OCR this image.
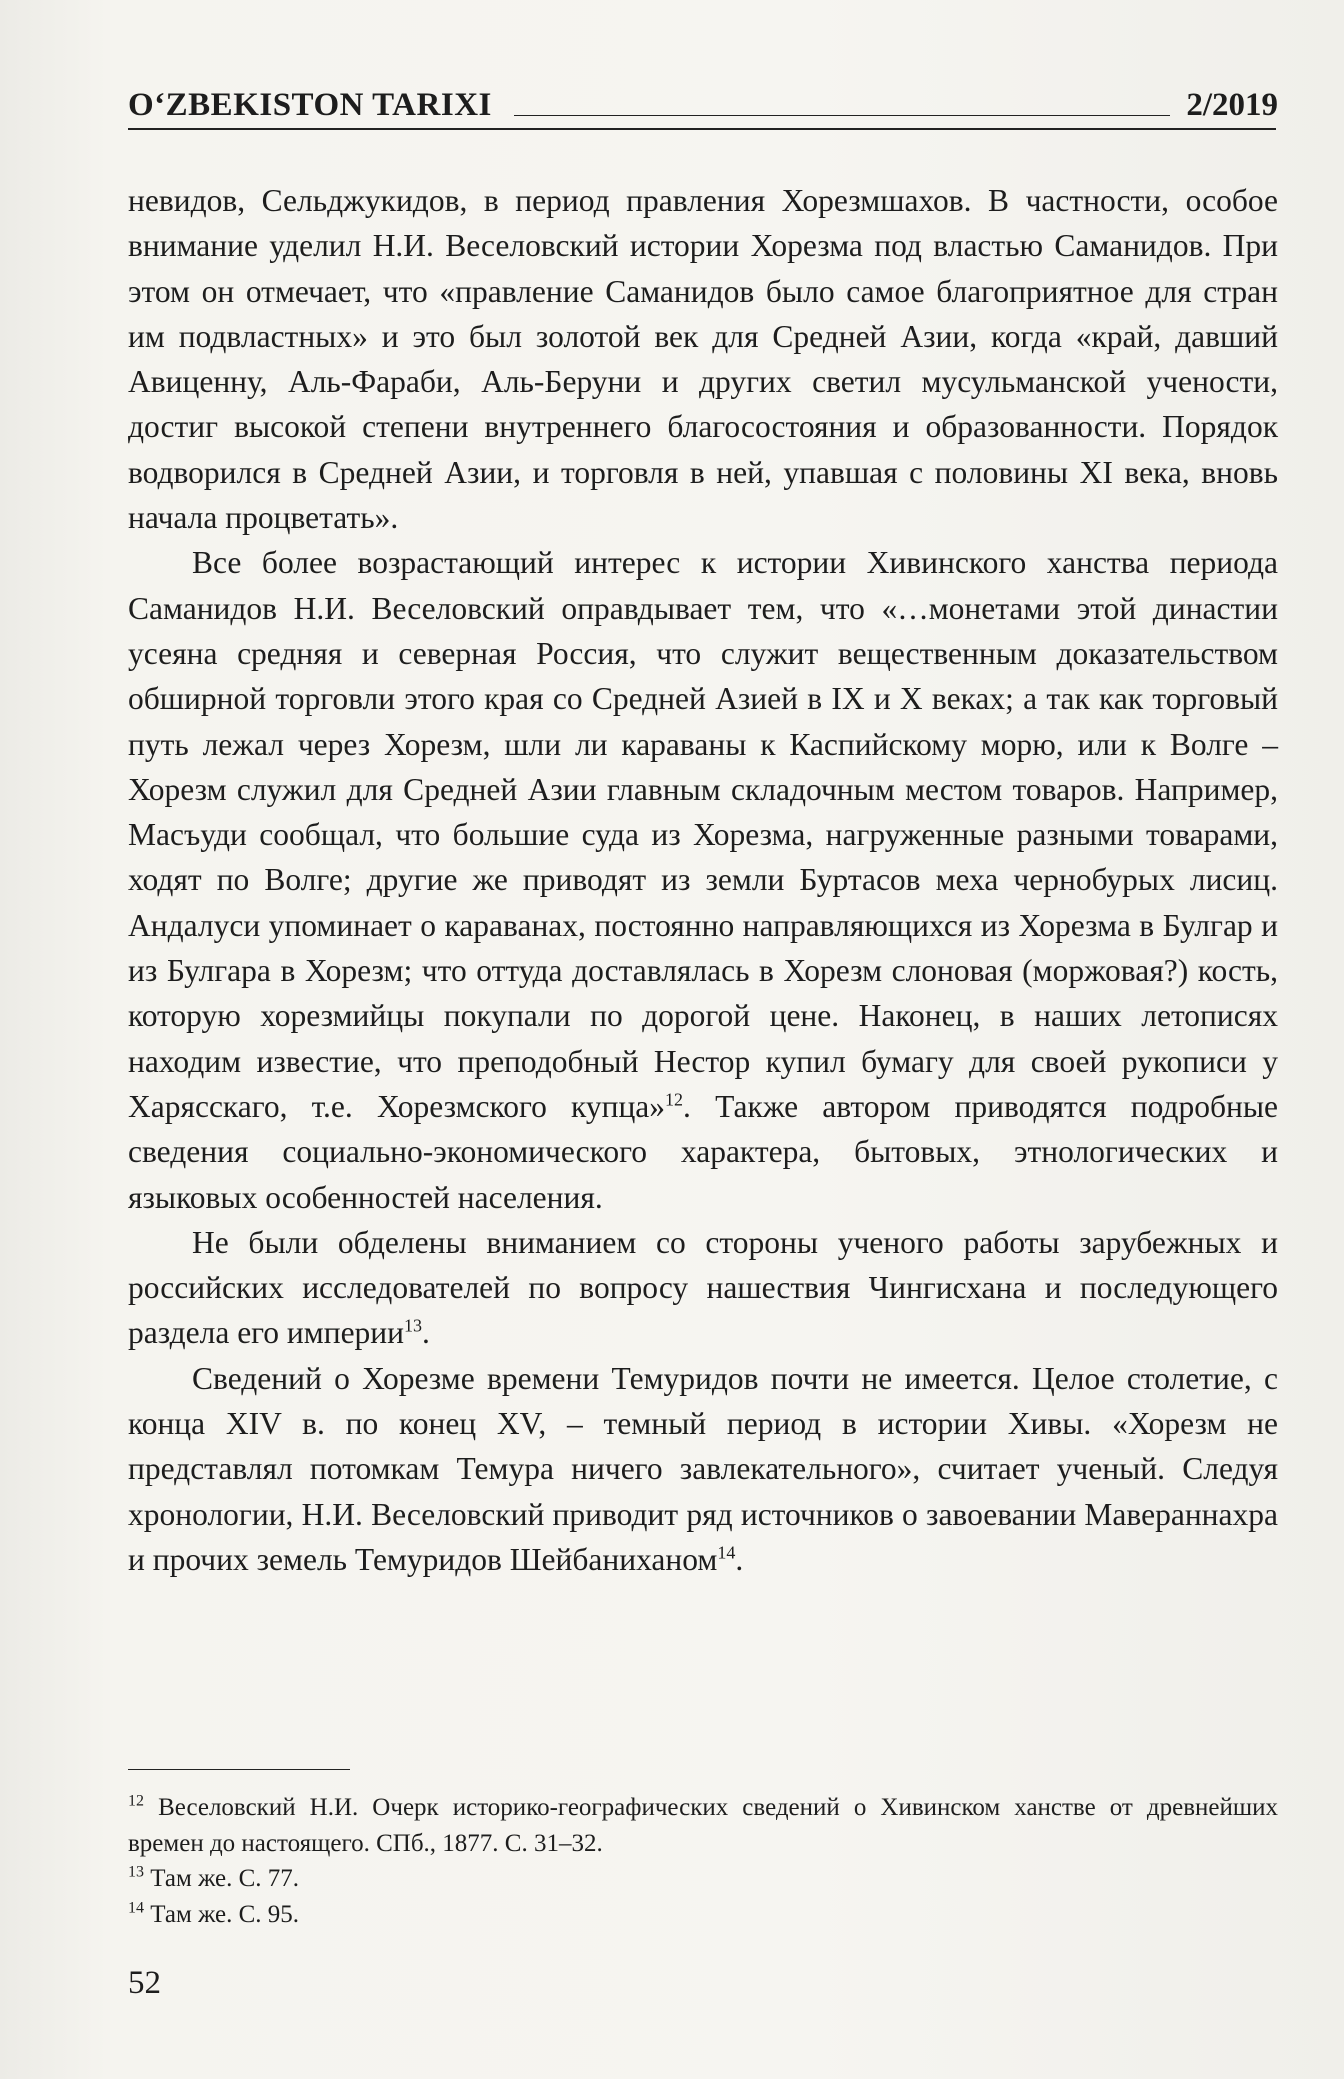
O‘ZBEKISTON TARIXI	2/2019

невидов, Сельджукидов, в период правления Хорезмшахов. В частности, особое внимание уделил Н.И. Веселовский истории Хорезма под властью Саманидов. При этом он отмечает, что «правление Саманидов было самое благоприятное для стран им подвластных» и это был золотой век для Средней Азии, когда «край, давший Авиценну, Аль-Фараби, Аль-Беруни и других светил мусульманской учености, достиг высокой степени внутреннего благосостояния и образованности. Порядок водворился в Средней Азии, и торговля в ней, упавшая с половины XI века, вновь начала процветать».

Все более возрастающий интерес к истории Хивинского ханства периода Саманидов Н.И. Веселовский оправдывает тем, что «…монетами этой династии усеяна средняя и северная Россия, что служит вещественным доказательством обширной торговли этого края со Средней Азией в IX и X веках; а так как торговый путь лежал через Хорезм, шли ли караваны к Каспийскому морю, или к Волге – Хорезм служил для Средней Азии главным складочным местом товаров. Например, Масъуди сообщал, что большие суда из Хорезма, нагруженные разными товарами, ходят по Волге; другие же приводят из земли Буртасов меха чернобурых лисиц. Андалуси упоминает о караванах, постоянно направляющихся из Хорезма в Булгар и из Булгара в Хорезм; что оттуда доставлялась в Хорезм слоновая (моржовая?) кость, которую хорезмийцы покупали по дорогой цене. Наконец, в наших летописях находим известие, что преподобный Нестор купил бумагу для своей рукописи у Харясскаго, т.е. Хорезмского купца»$^{12}$. Также автором приводятся подробные сведения социально-экономического характера, бытовых, этнологических и языковых особенностей населения.

Не были обделены вниманием со стороны ученого работы зарубежных и российских исследователей по вопросу нашествия Чингисхана и последующего раздела его империи$^{13}$.

Сведений о Хорезме времени Темуридов почти не имеется. Целое столетие, с конца XIV в. по конец XV, – темный период в истории Хивы. «Хорезм не представлял потомкам Темура ничего завлекательного», считает ученый. Следуя хронологии, Н.И. Веселовский приводит ряд источников о завоевании Мавераннахра и прочих земель Темуридов Шейбаниханом$^{14}$.

$^{12}$ Веселовский Н.И. Очерк историко-географических сведений о Хивинском ханстве от древнейших времен до настоящего. СПб., 1877. С. 31–32.

$^{13}$ Там же. С. 77.

$^{14}$ Там же. С. 95.

52
